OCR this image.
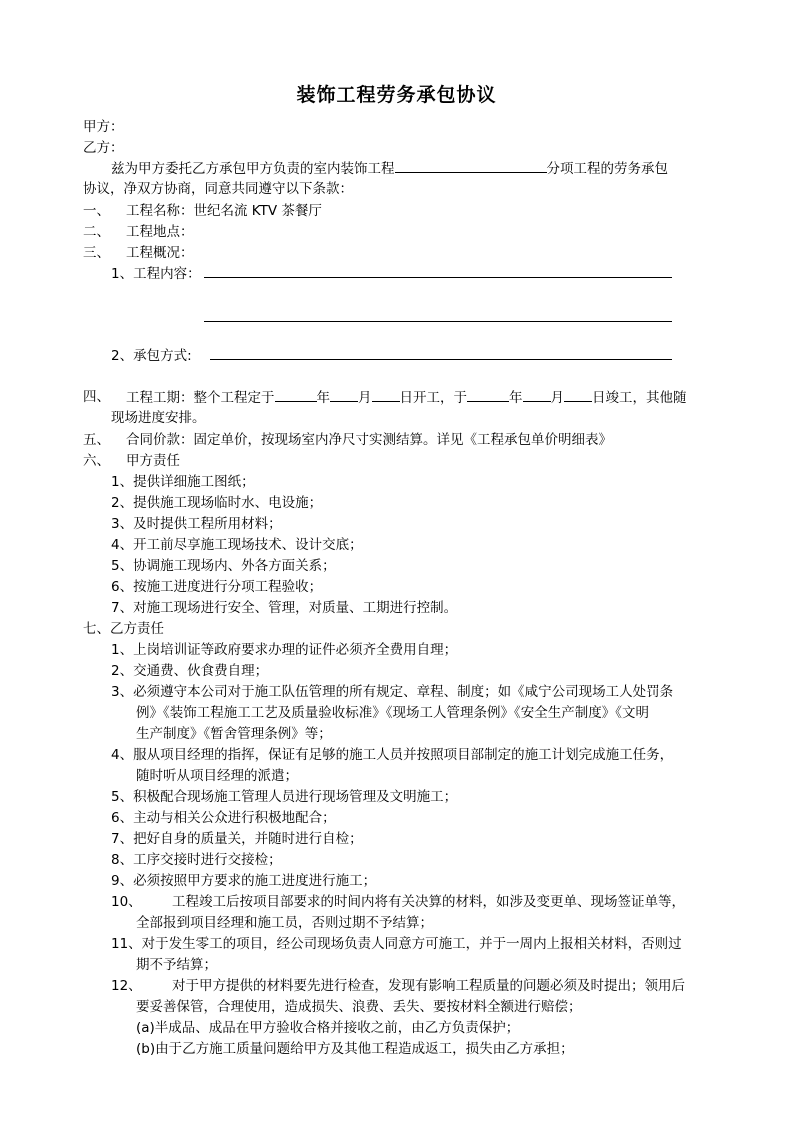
装饰工程劳务承包协议
甲方：
乙方：
兹为甲方委托乙方承包甲方负责的室内装饰工程	分项工程的劳务承包
协议，净双方协商，同意共同遵守以下条款：
一、 工程名称：世纪名流 KTV 茶餐厅
二、 工程地点：
三、 工程概况：
1、工程内容：
2、承包方式:
四、 工程工期：整个工程定于	年 月 日开工，于	年 月 日竣工，其他随
现场进度安排。
五、 合同价款：固定单价，按现场室内净尺寸实测结算。详见《工程承包单价明细表》
六、 甲方责任
1、提供详细施工图纸；
2、提供施工现场临时水、电设施；
3、及时提供工程所用材料；
4、开工前尽享施工现场技术、设计交底；
5、协调施工现场内、外各方面关系；
6、按施工进度进行分项工程验收；
7、对施工现场进行安全、管理，对质量、工期进行控制。
七、乙方责任
1、上岗培训证等政府要求办理的证件必须齐全费用自理；
2、交通费、伙食费自理；
3、必须遵守本公司对于施工队伍管理的所有规定、章程、制度；如《咸宁公司现场工人处罚条
例》《装饰工程施工工艺及质量验收标准》《现场工人管理条例》《安全生产制度》《文明
生产制度》《暂舍管理条例》等；
4、服从项目经理的指挥，保证有足够的施工人员并按照项目部制定的施工计划完成施工任务，
随时听从项目经理的派遣；
5、积极配合现场施工管理人员进行现场管理及文明施工；
6、主动与相关公众进行积极地配合；
7、把好自身的质量关，并随时进行自检；
8、工序交接时进行交接检；
9、必须按照甲方要求的施工进度进行施工；
10、 工程竣工后按项目部要求的时间内将有关决算的材料，如涉及变更单、现场签证单等，
全部报到项目经理和施工员，否则过期不予结算；
11、对于发生零工的项目，经公司现场负责人同意方可施工，并于一周内上报相关材料，否则过
期不予结算；
12、 对于甲方提供的材料要先进行检查，发现有影响工程质量的问题必须及时提出；领用后
要妥善保管，合理使用，造成损失、浪费、丢失、要按材料全额进行赔偿；
(a)半成品、成品在甲方验收合格并接收之前，由乙方负责保护；
(b)由于乙方施工质量问题给甲方及其他工程造成返工，损失由乙方承担；
